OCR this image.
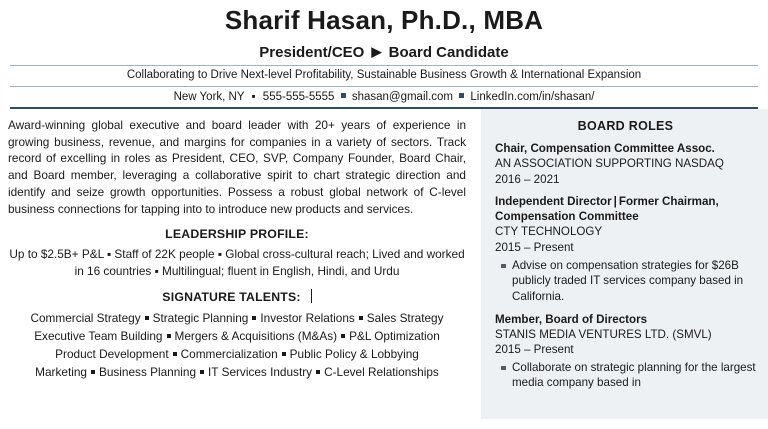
Sharif Hasan, Ph.D., MBA
President/CEO ▶ Board Candidate
Collaborating to Drive Next-level Profitability, Sustainable Business Growth & International Expansion
New York, NY ▪ 555-555-5555 shasan@gmail.com LinkedIn.com/in/shasan/

Award-winning global executive and board leader with 20+ years of experience in growing business, revenue, and margins for companies in a variety of sectors. Track record of excelling in roles as President, CEO, SVP, Company Founder, Board Chair, and Board member, leveraging a collaborative spirit to chart strategic direction and identify and seize growth opportunities. Possess a robust global network of C-level business connections for tapping into to introduce new products and services.

LEADERSHIP PROFILE:
Up to $2.5B+ P&L ▪ Staff of 22K people ▪ Global cross-cultural reach; Lived and worked in 16 countries ▪ Multilingual; fluent in English, Hindi, and Urdu
SIGNATURE TALENTS:
Commercial Strategy Strategic Planning Investor Relations Sales Strategy
Executive Team Building Mergers & Acquisitions (M&As) P&L Optimization
Product Development Commercialization Public Policy & Lobbying
Marketing Business Planning IT Services Industry C-Level Relationships
BOARD ROLES
Chair, Compensation Committee Assoc.
AN ASSOCIATION SUPPORTING NASDAQ
2016 – 2021
Independent Director | Former Chairman,
Compensation Committee
CTY TECHNOLOGY
2015 – Present
Advise on compensation strategies for $26B publicly traded IT services company based in California.
Member, Board of Directors
STANIS MEDIA VENTURES LTD. (SMVL)
2015 – Present
Collaborate on strategic planning for the largest media company based in
